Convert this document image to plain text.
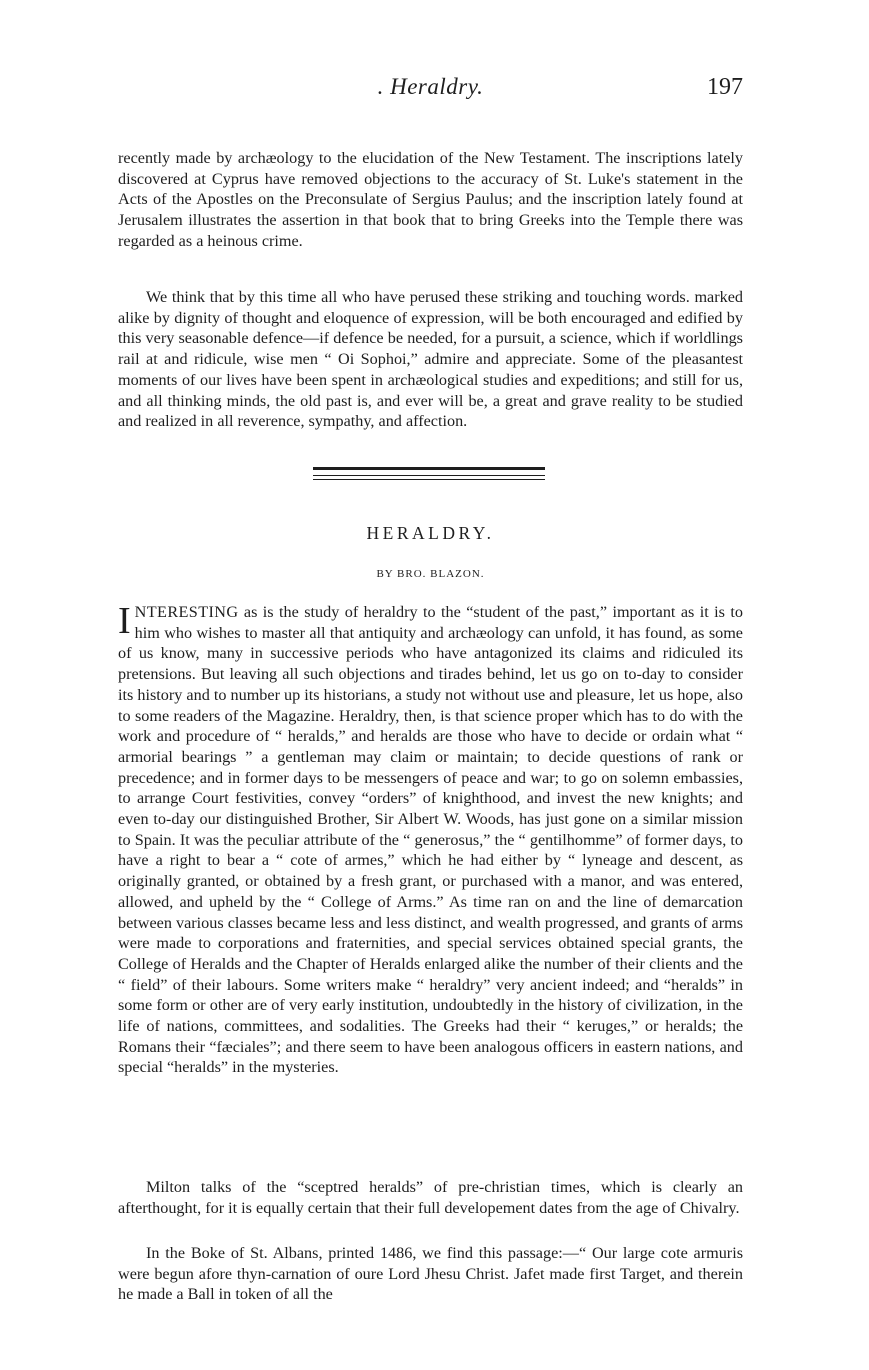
. Heraldry.	197

recently made by archæology to the elucidation of the New Testament. The inscriptions lately discovered at Cyprus have removed objections to the accuracy of St. Luke's statement in the Acts of the Apostles on the Preconsulate of Sergius Paulus; and the inscription lately found at Jerusalem illustrates the assertion in that book that to bring Greeks into the Temple there was regarded as a heinous crime.

We think that by this time all who have perused these striking and touching words. marked alike by dignity of thought and eloquence of expression, will be both encouraged and edified by this very seasonable defence—if defence be needed, for a pursuit, a science, which if worldlings rail at and ridicule, wise men “ Oi Sophoi,” admire and appreciate. Some of the pleasantest moments of our lives have been spent in archæological studies and expeditions; and still for us, and all thinking minds, the old past is, and ever will be, a great and grave reality to be studied and realized in all reverence, sympathy, and affection.

HERALDRY.
BY BRO. BLAZON.

INTERESTING as is the study of heraldry to the “student of the past,” important as it is to him who wishes to master all that antiquity and archæology can unfold, it has found, as some of us know, many in successive periods who have antagonized its claims and ridiculed its pretensions. But leaving all such objections and tirades behind, let us go on to-day to consider its history and to number up its historians, a study not without use and pleasure, let us hope, also to some readers of the Magazine. Heraldry, then, is that science proper which has to do with the work and procedure of “ heralds,” and heralds are those who have to decide or ordain what “ armorial bearings ” a gentleman may claim or maintain; to decide questions of rank or precedence; and in former days to be messengers of peace and war; to go on solemn embassies, to arrange Court festivities, convey “orders” of knighthood, and invest the new knights; and even to-day our distinguished Brother, Sir Albert W. Woods, has just gone on a similar mission to Spain. It was the peculiar attribute of the “ generosus,” the “ gentilhomme” of former days, to have a right to bear a “ cote of armes,” which he had either by “ lyneage and descent, as originally granted, or obtained by a fresh grant, or purchased with a manor, and was entered, allowed, and upheld by the “ College of Arms.” As time ran on and the line of demarcation between various classes became less and less distinct, and wealth progressed, and grants of arms were made to corporations and fraternities, and special services obtained special grants, the College of Heralds and the Chapter of Heralds enlarged alike the number of their clients and the “ field” of their labours. Some writers make “ heraldry” very ancient indeed; and “heralds” in some form or other are of very early institution, undoubtedly in the history of civilization, in the life of nations, committees, and sodalities. The Greeks had their “ keruges,” or heralds; the Romans their “fæciales”; and there seem to have been analogous officers in eastern nations, and special “heralds” in the mysteries.

Milton talks of the “sceptred heralds” of pre-christian times, which is clearly an afterthought, for it is equally certain that their full developement dates from the age of Chivalry.

In the Boke of St. Albans, printed 1486, we find this passage:—“ Our large cote armuris were begun afore thyn-carnation of oure Lord Jhesu Christ. Jafet made first Target, and therein he made a Ball in token of all the
